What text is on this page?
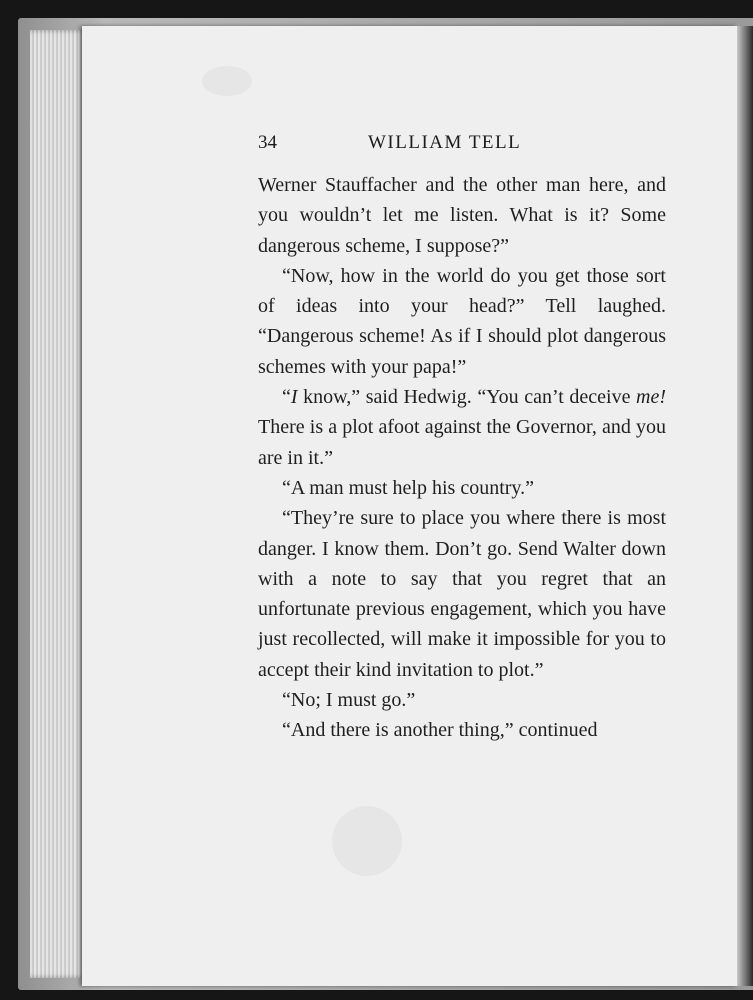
34	WILLIAM TELL

Werner Stauffacher and the other man here, and you wouldn’t let me listen. What is it? Some dangerous scheme, I suppose?”

“Now, how in the world do you get those sort of ideas into your head?” Tell laughed. “Dangerous scheme! As if I should plot dangerous schemes with your papa!”

“I know,” said Hedwig. “You can’t deceive me! There is a plot afoot against the Governor, and you are in it.”

“A man must help his country.”

“They’re sure to place you where there is most danger. I know them. Don’t go. Send Walter down with a note to say that you regret that an unfortunate previous engagement, which you have just recollected, will make it impossible for you to accept their kind invitation to plot.”

“No; I must go.”

“And there is another thing,” continued
